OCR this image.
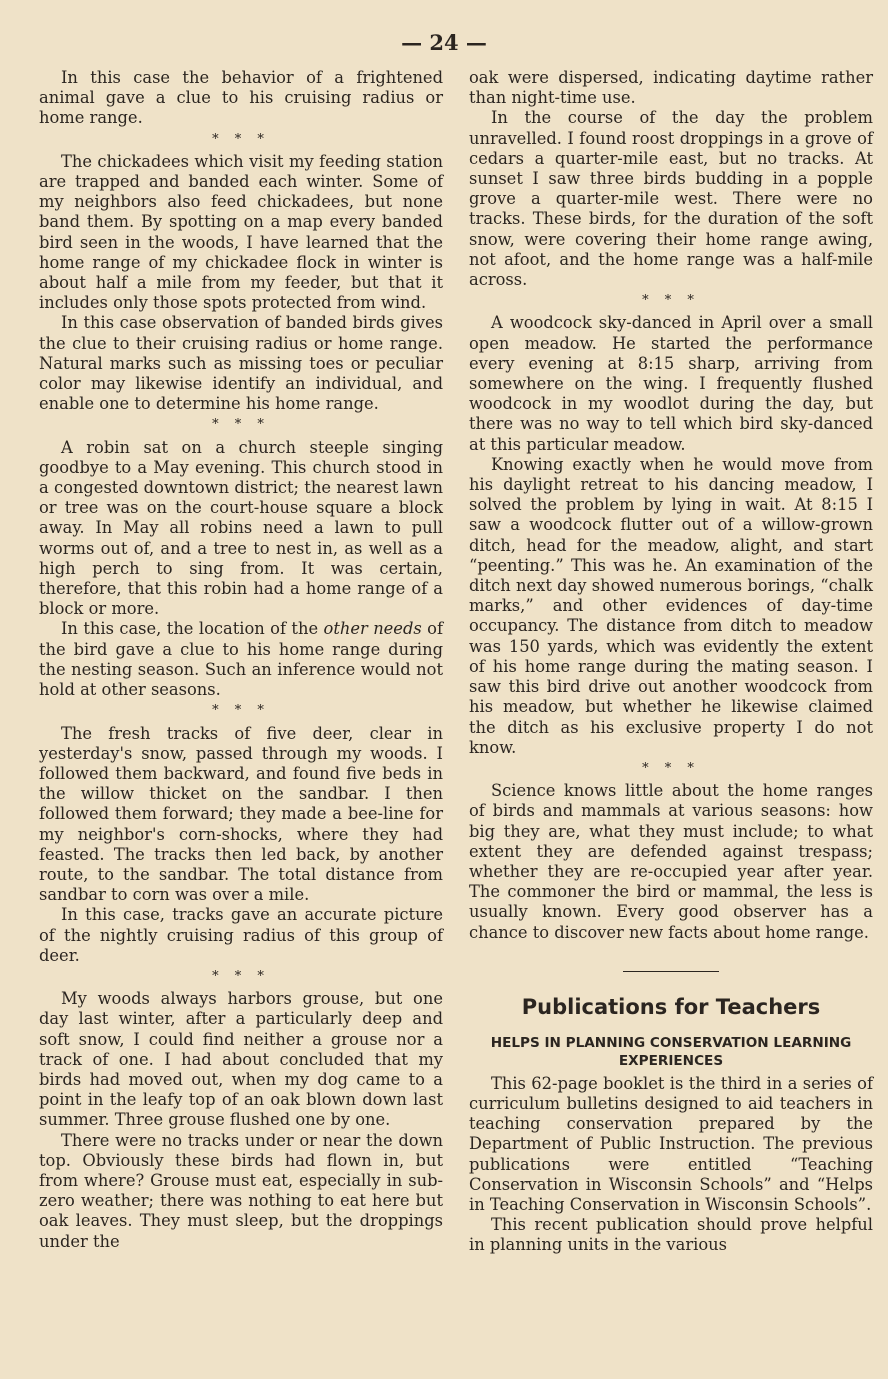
— 24 —

In this case the behavior of a frightened animal gave a clue to his cruising radius or home range.

* * *

The chickadees which visit my feeding station are trapped and banded each winter. Some of my neighbors also feed chickadees, but none band them. By spotting on a map every banded bird seen in the woods, I have learned that the home range of my chickadee flock in winter is about half a mile from my feeder, but that it includes only those spots protected from wind.

In this case observation of banded birds gives the clue to their cruising radius or home range. Natural marks such as missing toes or peculiar color may likewise identify an individual, and enable one to determine his home range.

* * *

A robin sat on a church steeple singing goodbye to a May evening. This church stood in a congested downtown district; the nearest lawn or tree was on the court-house square a block away. In May all robins need a lawn to pull worms out of, and a tree to nest in, as well as a high perch to sing from. It was certain, therefore, that this robin had a home range of a block or more.

In this case, the location of the other needs of the bird gave a clue to his home range during the nesting season. Such an inference would not hold at other seasons.

* * *

The fresh tracks of five deer, clear in yesterday's snow, passed through my woods. I followed them backward, and found five beds in the willow thicket on the sandbar. I then followed them forward; they made a bee-line for my neighbor's corn-shocks, where they had feasted. The tracks then led back, by another route, to the sandbar. The total distance from sandbar to corn was over a mile.

In this case, tracks gave an accurate picture of the nightly cruising radius of this group of deer.

* * *

My woods always harbors grouse, but one day last winter, after a particularly deep and soft snow, I could find neither a grouse nor a track of one. I had about concluded that my birds had moved out, when my dog came to a point in the leafy top of an oak blown down last summer. Three grouse flushed one by one.

There were no tracks under or near the down top. Obviously these birds had flown in, but from where? Grouse must eat, especially in sub-zero weather; there was nothing to eat here but oak leaves. They must sleep, but the droppings under the

oak were dispersed, indicating daytime rather than night-time use.

In the course of the day the problem unravelled. I found roost droppings in a grove of cedars a quarter-mile east, but no tracks. At sunset I saw three birds budding in a popple grove a quarter-mile west. There were no tracks. These birds, for the duration of the soft snow, were covering their home range awing, not afoot, and the home range was a half-mile across.

* * *

A woodcock sky-danced in April over a small open meadow. He started the performance every evening at 8:15 sharp, arriving from somewhere on the wing. I frequently flushed woodcock in my woodlot during the day, but there was no way to tell which bird sky-danced at this particular meadow.

Knowing exactly when he would move from his daylight retreat to his dancing meadow, I solved the problem by lying in wait. At 8:15 I saw a woodcock flutter out of a willow-grown ditch, head for the meadow, alight, and start “peenting.” This was he. An examination of the ditch next day showed numerous borings, “chalk marks,” and other evidences of day-time occupancy. The distance from ditch to meadow was 150 yards, which was evidently the extent of his home range during the mating season. I saw this bird drive out another woodcock from his meadow, but whether he likewise claimed the ditch as his exclusive property I do not know.

* * *

Science knows little about the home ranges of birds and mammals at various seasons: how big they are, what they must include; to what extent they are defended against trespass; whether they are re-occupied year after year. The commoner the bird or mammal, the less is usually known. Every good observer has a chance to discover new facts about home range.

Publications for Teachers
HELPS IN PLANNING CONSERVATION LEARNING EXPERIENCES

This 62-page booklet is the third in a series of curriculum bulletins designed to aid teachers in teaching conservation prepared by the Department of Public Instruction. The previous publications were entitled “Teaching Conservation in Wisconsin Schools” and “Helps in Teaching Conservation in Wisconsin Schools”.

This recent publication should prove helpful in planning units in the various
